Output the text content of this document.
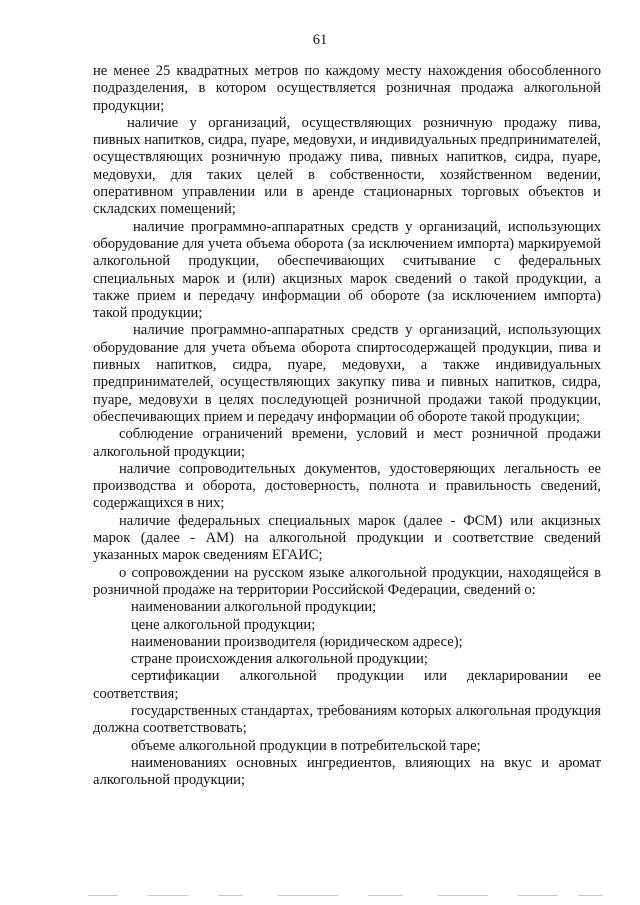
61

не менее 25 квадратных метров по каждому месту нахождения обособленного подразделения, в котором осуществляется розничная продажа алкогольной продукции;

наличие у организаций, осуществляющих розничную продажу пива, пивных напитков, сидра, пуаре, медовухи, и индивидуальных предпринимателей, осуществляющих розничную продажу пива, пивных напитков, сидра, пуаре, медовухи, для таких целей в собственности, хозяйственном ведении, оперативном управлении или в аренде стационарных торговых объектов и складских помещений;

наличие программно-аппаратных средств у организаций, использующих оборудование для учета объема оборота (за исключением импорта) маркируемой алкогольной продукции, обеспечивающих считывание с федеральных специальных марок и (или) акцизных марок сведений о такой продукции, а также прием и передачу информации об обороте (за исключением импорта) такой продукции;

наличие программно-аппаратных средств у организаций, использующих оборудование для учета объема оборота спиртосодержащей продукции, пива и пивных напитков, сидра, пуаре, медовухи, а также индивидуальных предпринимателей, осуществляющих закупку пива и пивных напитков, сидра, пуаре, медовухи в целях последующей розничной продажи такой продукции, обеспечивающих прием и передачу информации об обороте такой продукции;

соблюдение ограничений времени, условий и мест розничной продажи алкогольной продукции;

наличие сопроводительных документов, удостоверяющих легальность ее производства и оборота, достоверность, полнота и правильность сведений, содержащихся в них;

наличие федеральных специальных марок (далее - ФСМ) или акцизных марок (далее - АМ) на алкогольной продукции и соответствие сведений указанных марок сведениям ЕГАИС;

о сопровождении на русском языке алкогольной продукции, находящейся в розничной продаже на территории Российской Федерации, сведений о:

наименовании алкогольной продукции;

цене алкогольной продукции;

наименовании производителя (юридическом адресе);

стране происхождения алкогольной продукции;

сертификации алкогольной продукции или декларировании ее соответствия;

государственных стандартах, требованиям которых алкогольная продукция должна соответствовать;

объеме алкогольной продукции в потребительской таре;

наименованиях основных ингредиентов, влияющих на вкус и аромат алкогольной продукции;
